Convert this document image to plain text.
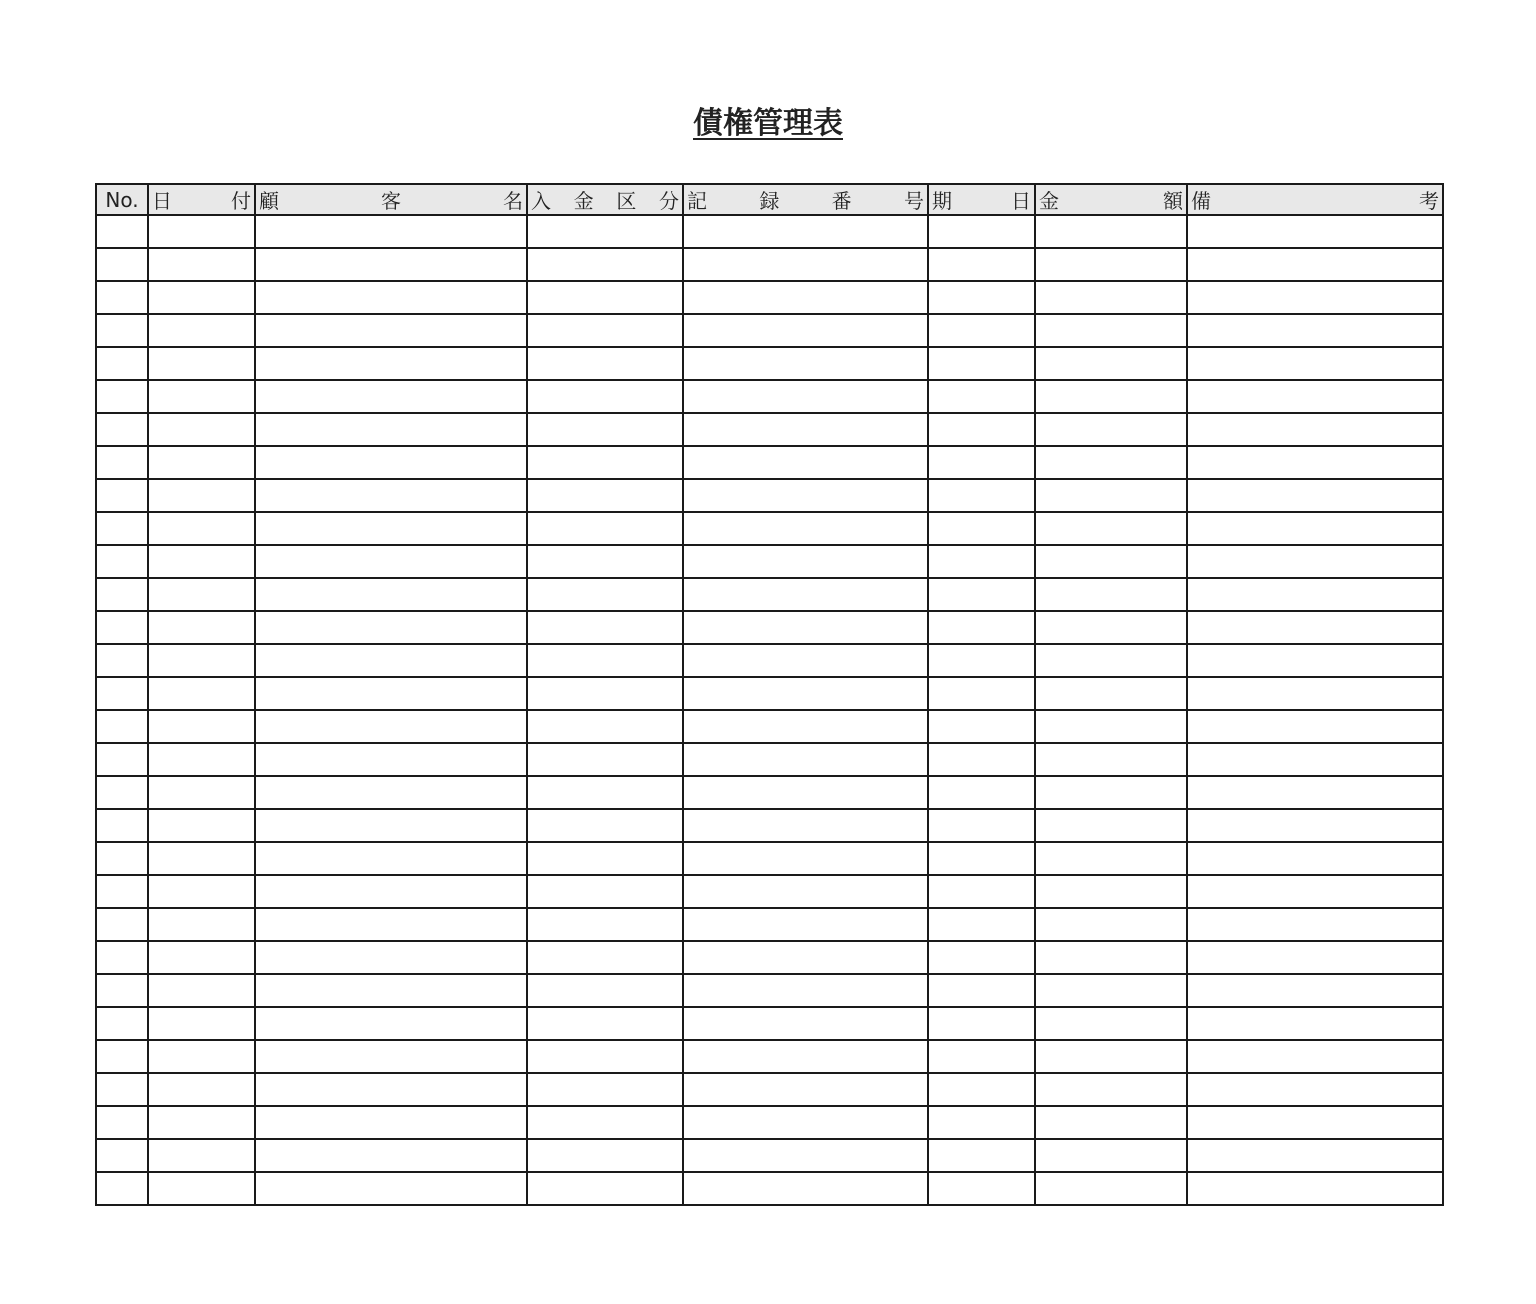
債権管理表
No.	日 付	顧 客 名	入 金 区 分	記 録 番 号	期 日	金 額	備 考
